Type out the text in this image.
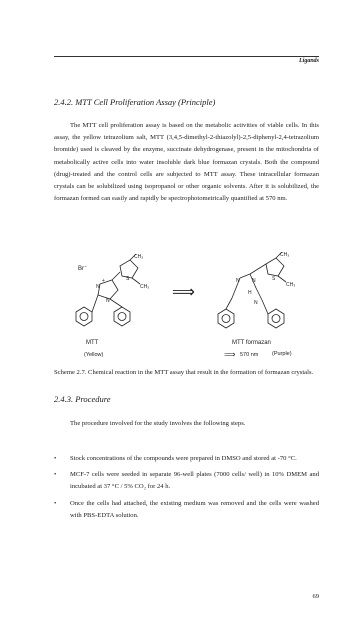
Ligands
2.4.2. MTT Cell Proliferation Assay (Principle)

The MTT cell proliferation assay is based on the metabolic activities of viable cells. In this assay, the yellow tetrazolium salt, MTT (3,4,5-dimethyl-2-thiazolyl)-2,5-diphenyl-2,4-tetrazolium bromide) used is cleaved by the enzyme, succinate dehydrogenase, present in the mitochondria of metabolically active cells into water insoluble dark blue formazan crystals. Both the compound (drug)-treated and the control cells are subjected to MTT assay. These intracellular formazan crystals can be solubilized using isopropanol or other organic solvents. After it is solubilized, the formazan formed can easily and rapidly be spectrophotometrically quantified at 570 nm.

Br⁻
CH₃
CH₃
+
N
N
S
⟹
CH₃
CH₃
N N	S
H
N
MTT
(Yellow)
MTT formazan
⟹ 570 nm (Purple)

Scheme 2.7. Chemical reaction in the MTT assay that result in the formation of formazan crystals.

2.4.3. Procedure

The procedure involved for the study involves the following steps.

• Stock concentrations of the compounds were prepared in DMSO and stored at -70 °C.
• MCF-7 cells were seeded in separate 96-well plates (7000 cells/ well) in 10% DMEM and incubated at 37 °C / 5% CO₂ for 24 h.
• Once the cells had attached, the existing medium was removed and the cells were washed with PBS-EDTA solution.
69
